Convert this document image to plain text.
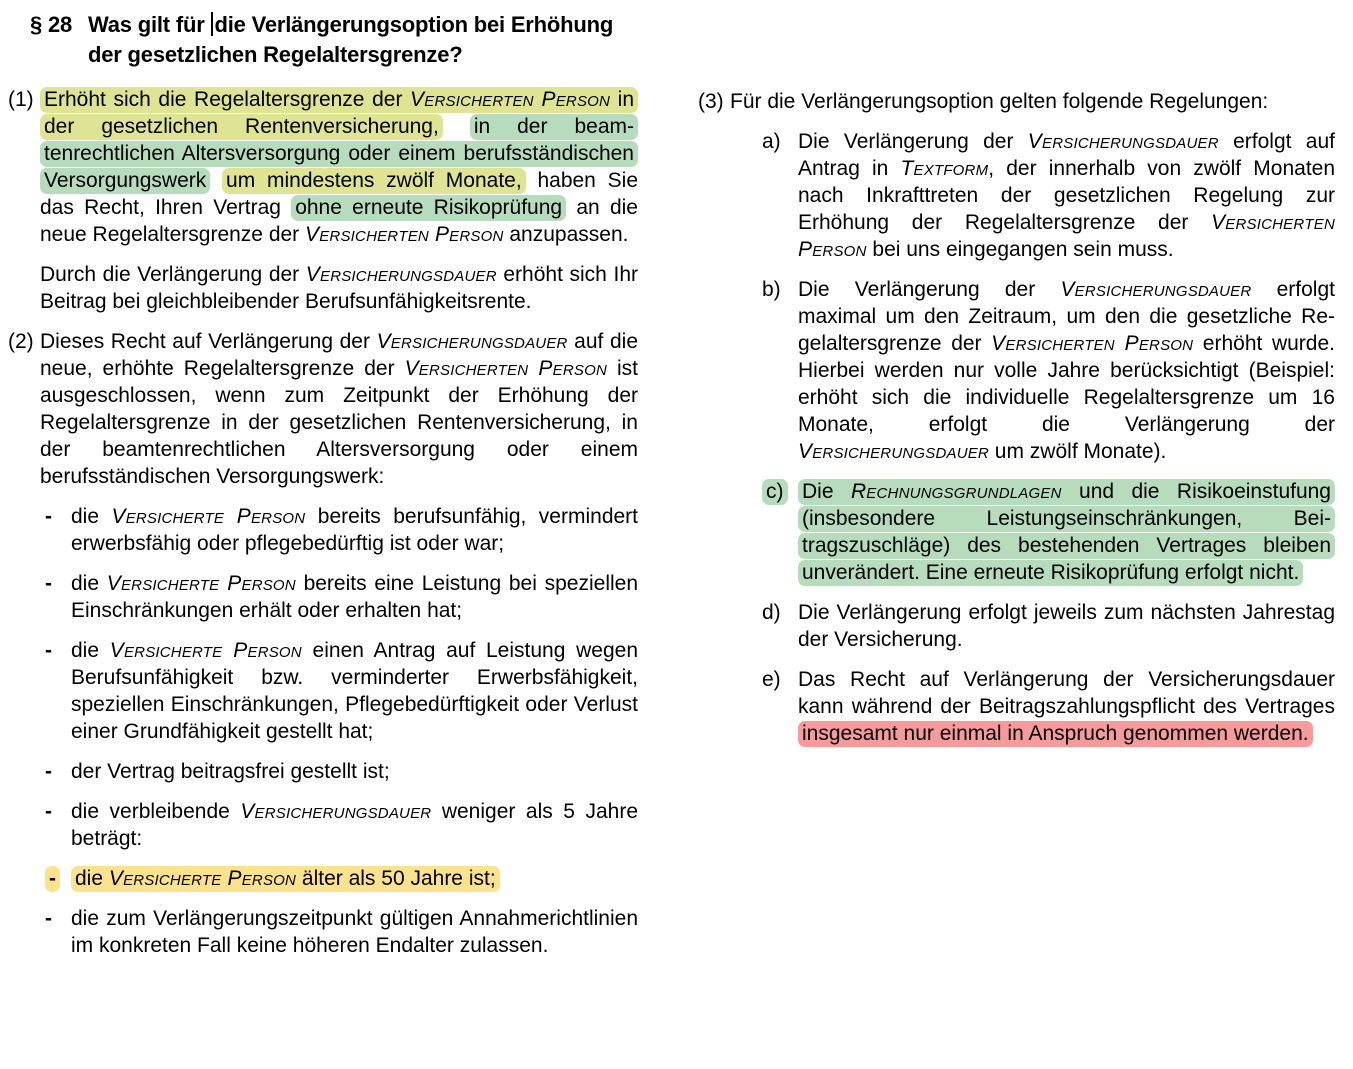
§ 28 Was gilt für die Verlängerungsoption bei Erhöhung
der gesetzlichen Regelaltersgrenze?
(1) Erhöht sich die Regelaltersgrenze der Versicherten Person in der gesetzlichen Rentenversicherung, in der beamtenrechtlichen Altersversorgung oder einem berufsständischen Versorgungswerk um mindestens zwölf Monate, haben Sie das Recht, Ihren Vertrag ohne erneute Risikoprüfung an die neue Regelaltersgrenze der Versicherten Person anzupassen.

Durch die Verlängerung der Versicherungsdauer erhöht sich Ihr Beitrag bei gleichbleibender Berufsunfähigkeitsrente.

(2) Dieses Recht auf Verlängerung der Versicherungsdauer auf die neue, erhöhte Regelaltersgrenze der Versicherten Person ist ausgeschlossen, wenn zum Zeitpunkt der Erhöhung der Regelaltersgrenze in der gesetzlichen Rentenversicherung, in der beamtenrechtlichen Altersversorgung oder einem berufsständischen Versorgungswerk:

- die Versicherte Person bereits berufsunfähig, vermindert erwerbsfähig oder pflegebedürftig ist oder war;

- die Versicherte Person bereits eine Leistung bei speziellen Einschränkungen erhält oder erhalten hat;

- die Versicherte Person einen Antrag auf Leistung wegen Berufsunfähigkeit bzw. verminderter Erwerbsfähigkeit, speziellen Einschränkungen, Pflegebedürftigkeit oder Verlust einer Grundfähigkeit gestellt hat;

- der Vertrag beitragsfrei gestellt ist;

- die verbleibende Versicherungsdauer weniger als 5 Jahre beträgt:

- die Versicherte Person älter als 50 Jahre ist;

- die zum Verlängerungszeitpunkt gültigen Annahmerichtlinien im konkreten Fall keine höheren Endalter zulassen.

(3) Für die Verlängerungsoption gelten folgende Regelungen:

a) Die Verlängerung der Versicherungsdauer erfolgt auf Antrag in Textform, der innerhalb von zwölf Monaten nach Inkrafttreten der gesetzlichen Regelung zur Erhöhung der Regelaltersgrenze der Versicherten Person bei uns eingegangen sein muss.

b) Die Verlängerung der Versicherungsdauer erfolgt maximal um den Zeitraum, um den die gesetzliche Regelaltersgrenze der Versicherten Person erhöht wurde. Hierbei werden nur volle Jahre berücksichtigt (Beispiel: erhöht sich die individuelle Regelaltersgrenze um 16 Monate, erfolgt die Verlängerung der Versicherungsdauer um zwölf Monate).

c) Die Rechnungsgrundlagen und die Risikoeinstufung (insbesondere Leistungseinschränkungen, Beitragszuschläge) des bestehenden Vertrages bleiben unverändert. Eine erneute Risikoprüfung erfolgt nicht.

d) Die Verlängerung erfolgt jeweils zum nächsten Jahrestag der Versicherung.

e) Das Recht auf Verlängerung der Versicherungsdauer kann während der Beitragszahlungspflicht des Vertrages insgesamt nur einmal in Anspruch genommen werden.
